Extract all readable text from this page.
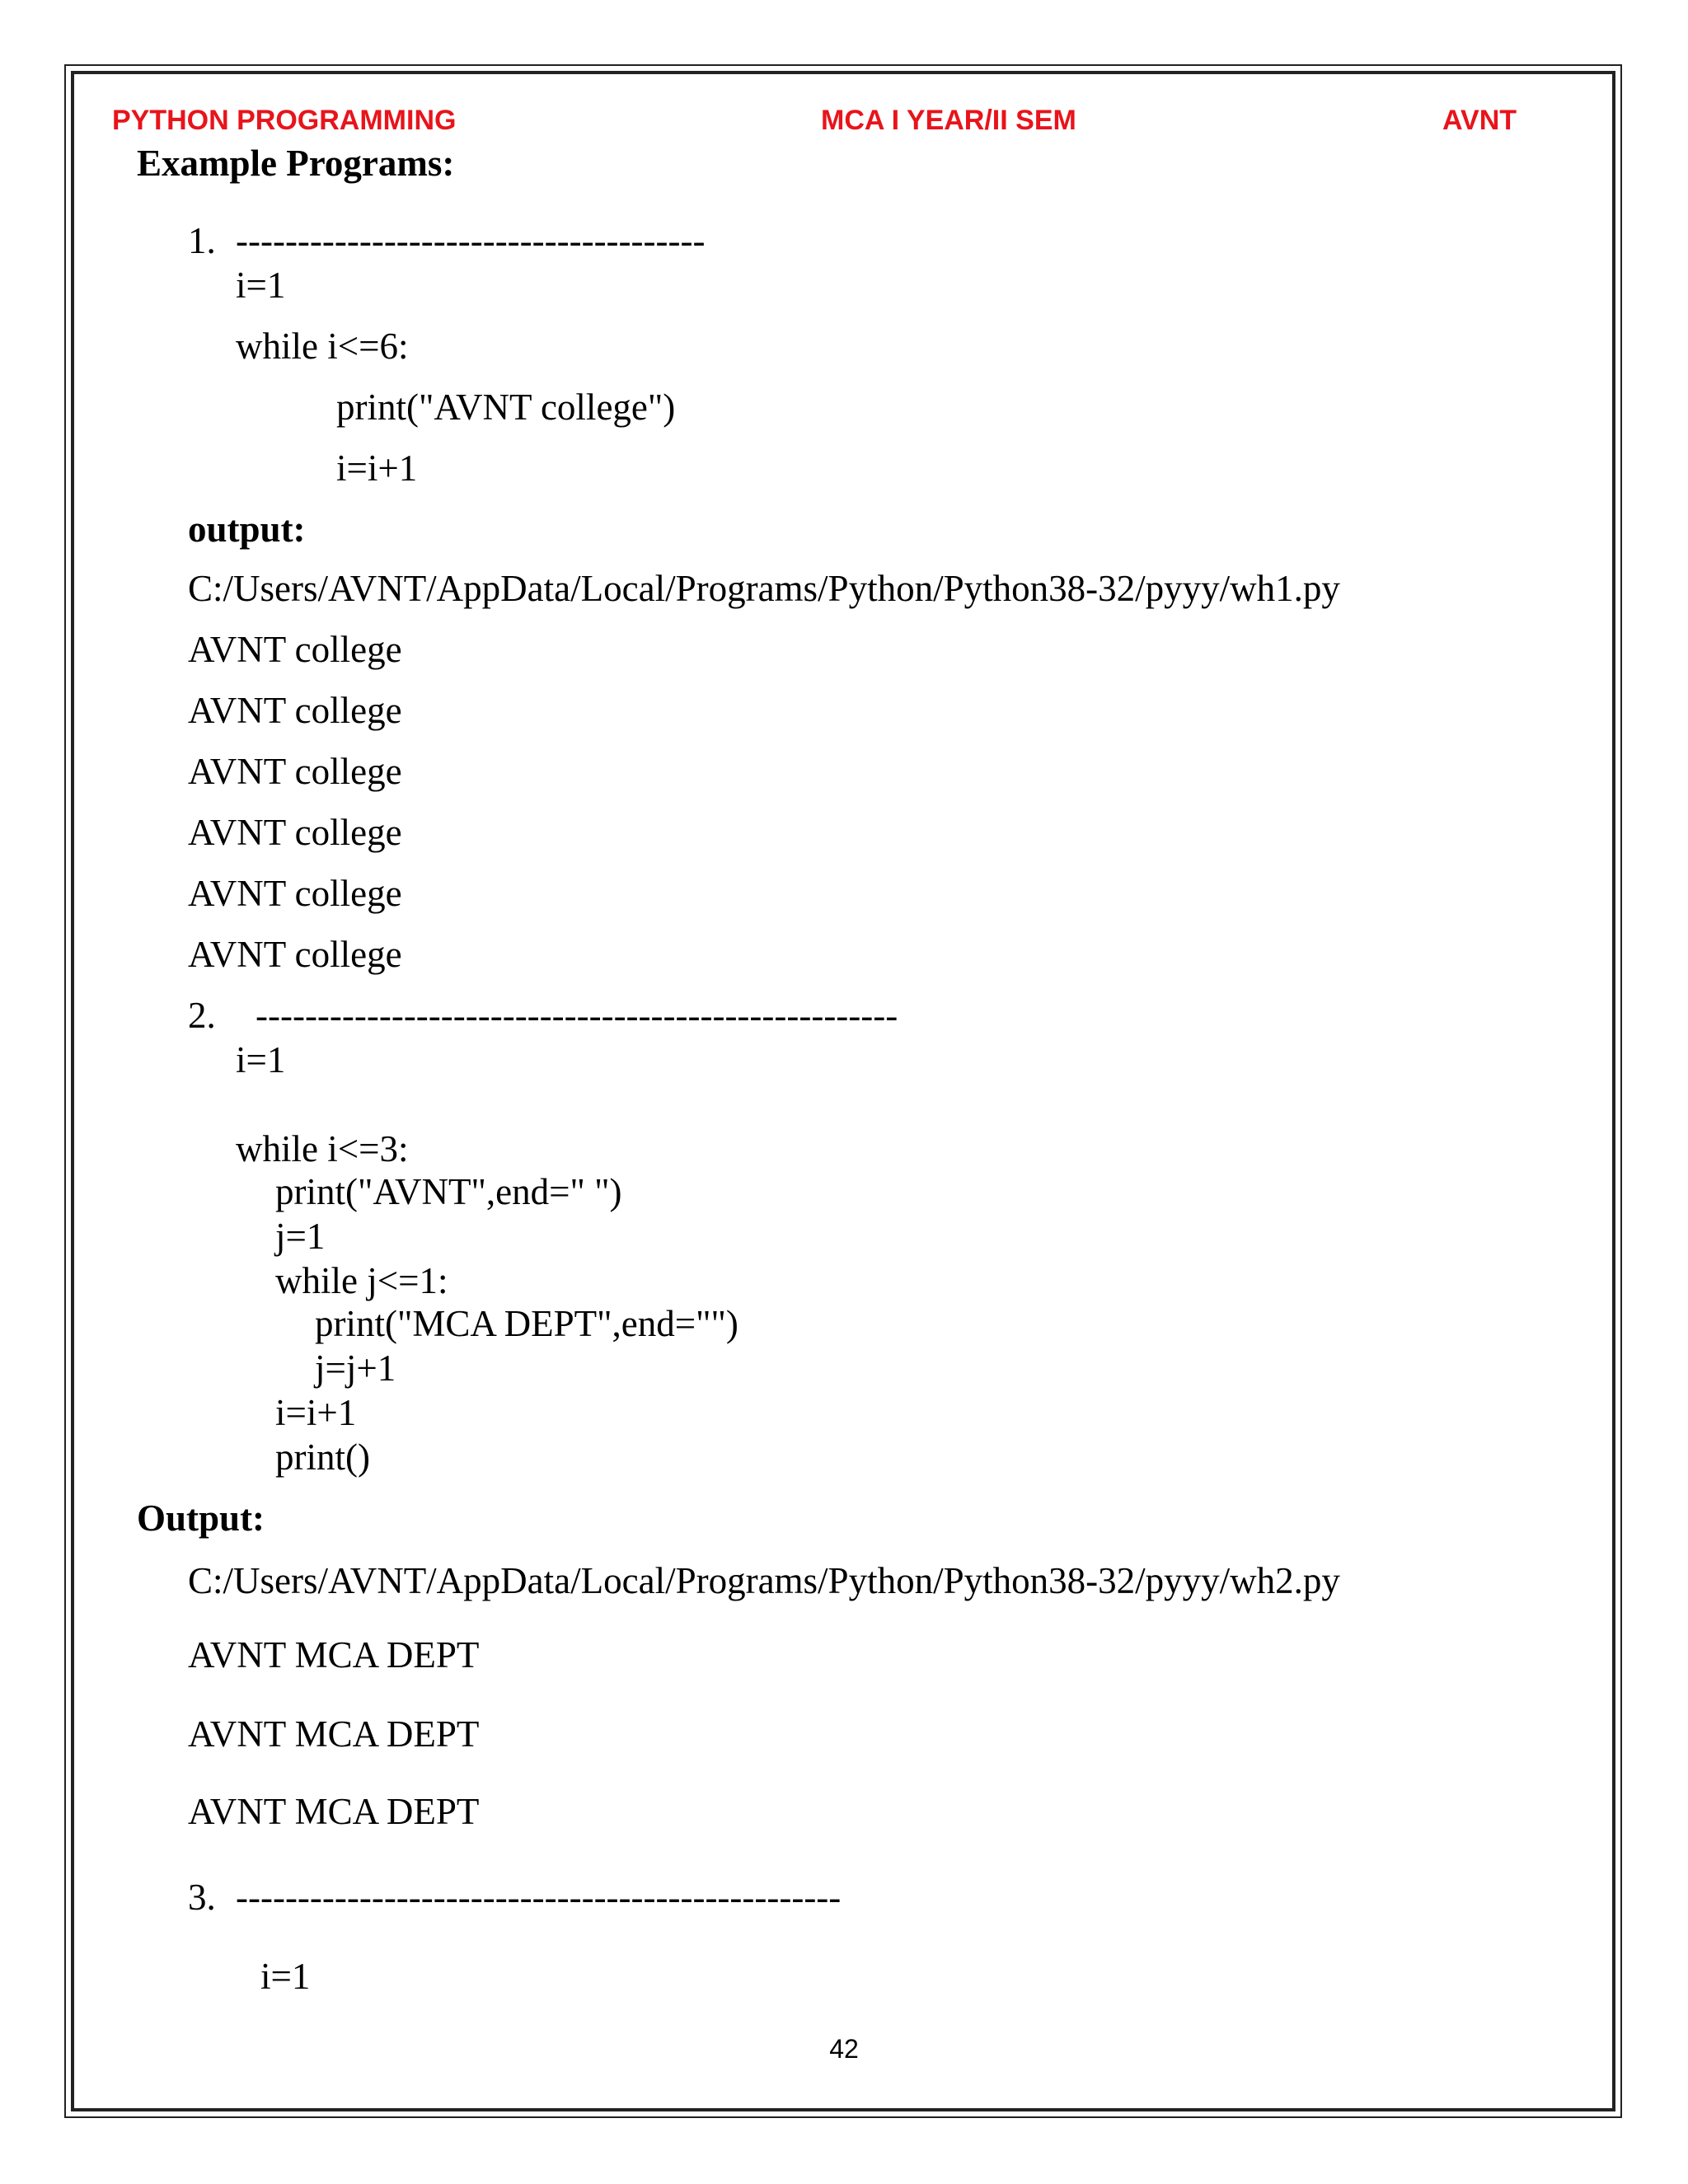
PYTHON PROGRAMMING	MCA I YEAR/II SEM	AVNT
Example Programs:
1. --------------------------------------
i=1
while i<=6:
print("AVNT college")
i=i+1
output:
C:/Users/AVNT/AppData/Local/Programs/Python/Python38-32/pyyy/wh1.py
AVNT college
AVNT college
AVNT college
AVNT college
AVNT college
AVNT college
2. ----------------------------------------------------
i=1
while i<=3:
print("AVNT",end=" ")
j=1
while j<=1:
print("MCA DEPT",end="")
j=j+1
i=i+1
print()
Output:
C:/Users/AVNT/AppData/Local/Programs/Python/Python38-32/pyyy/wh2.py
AVNT MCA DEPT
AVNT MCA DEPT
AVNT MCA DEPT
3. -------------------------------------------------
i=1
42
